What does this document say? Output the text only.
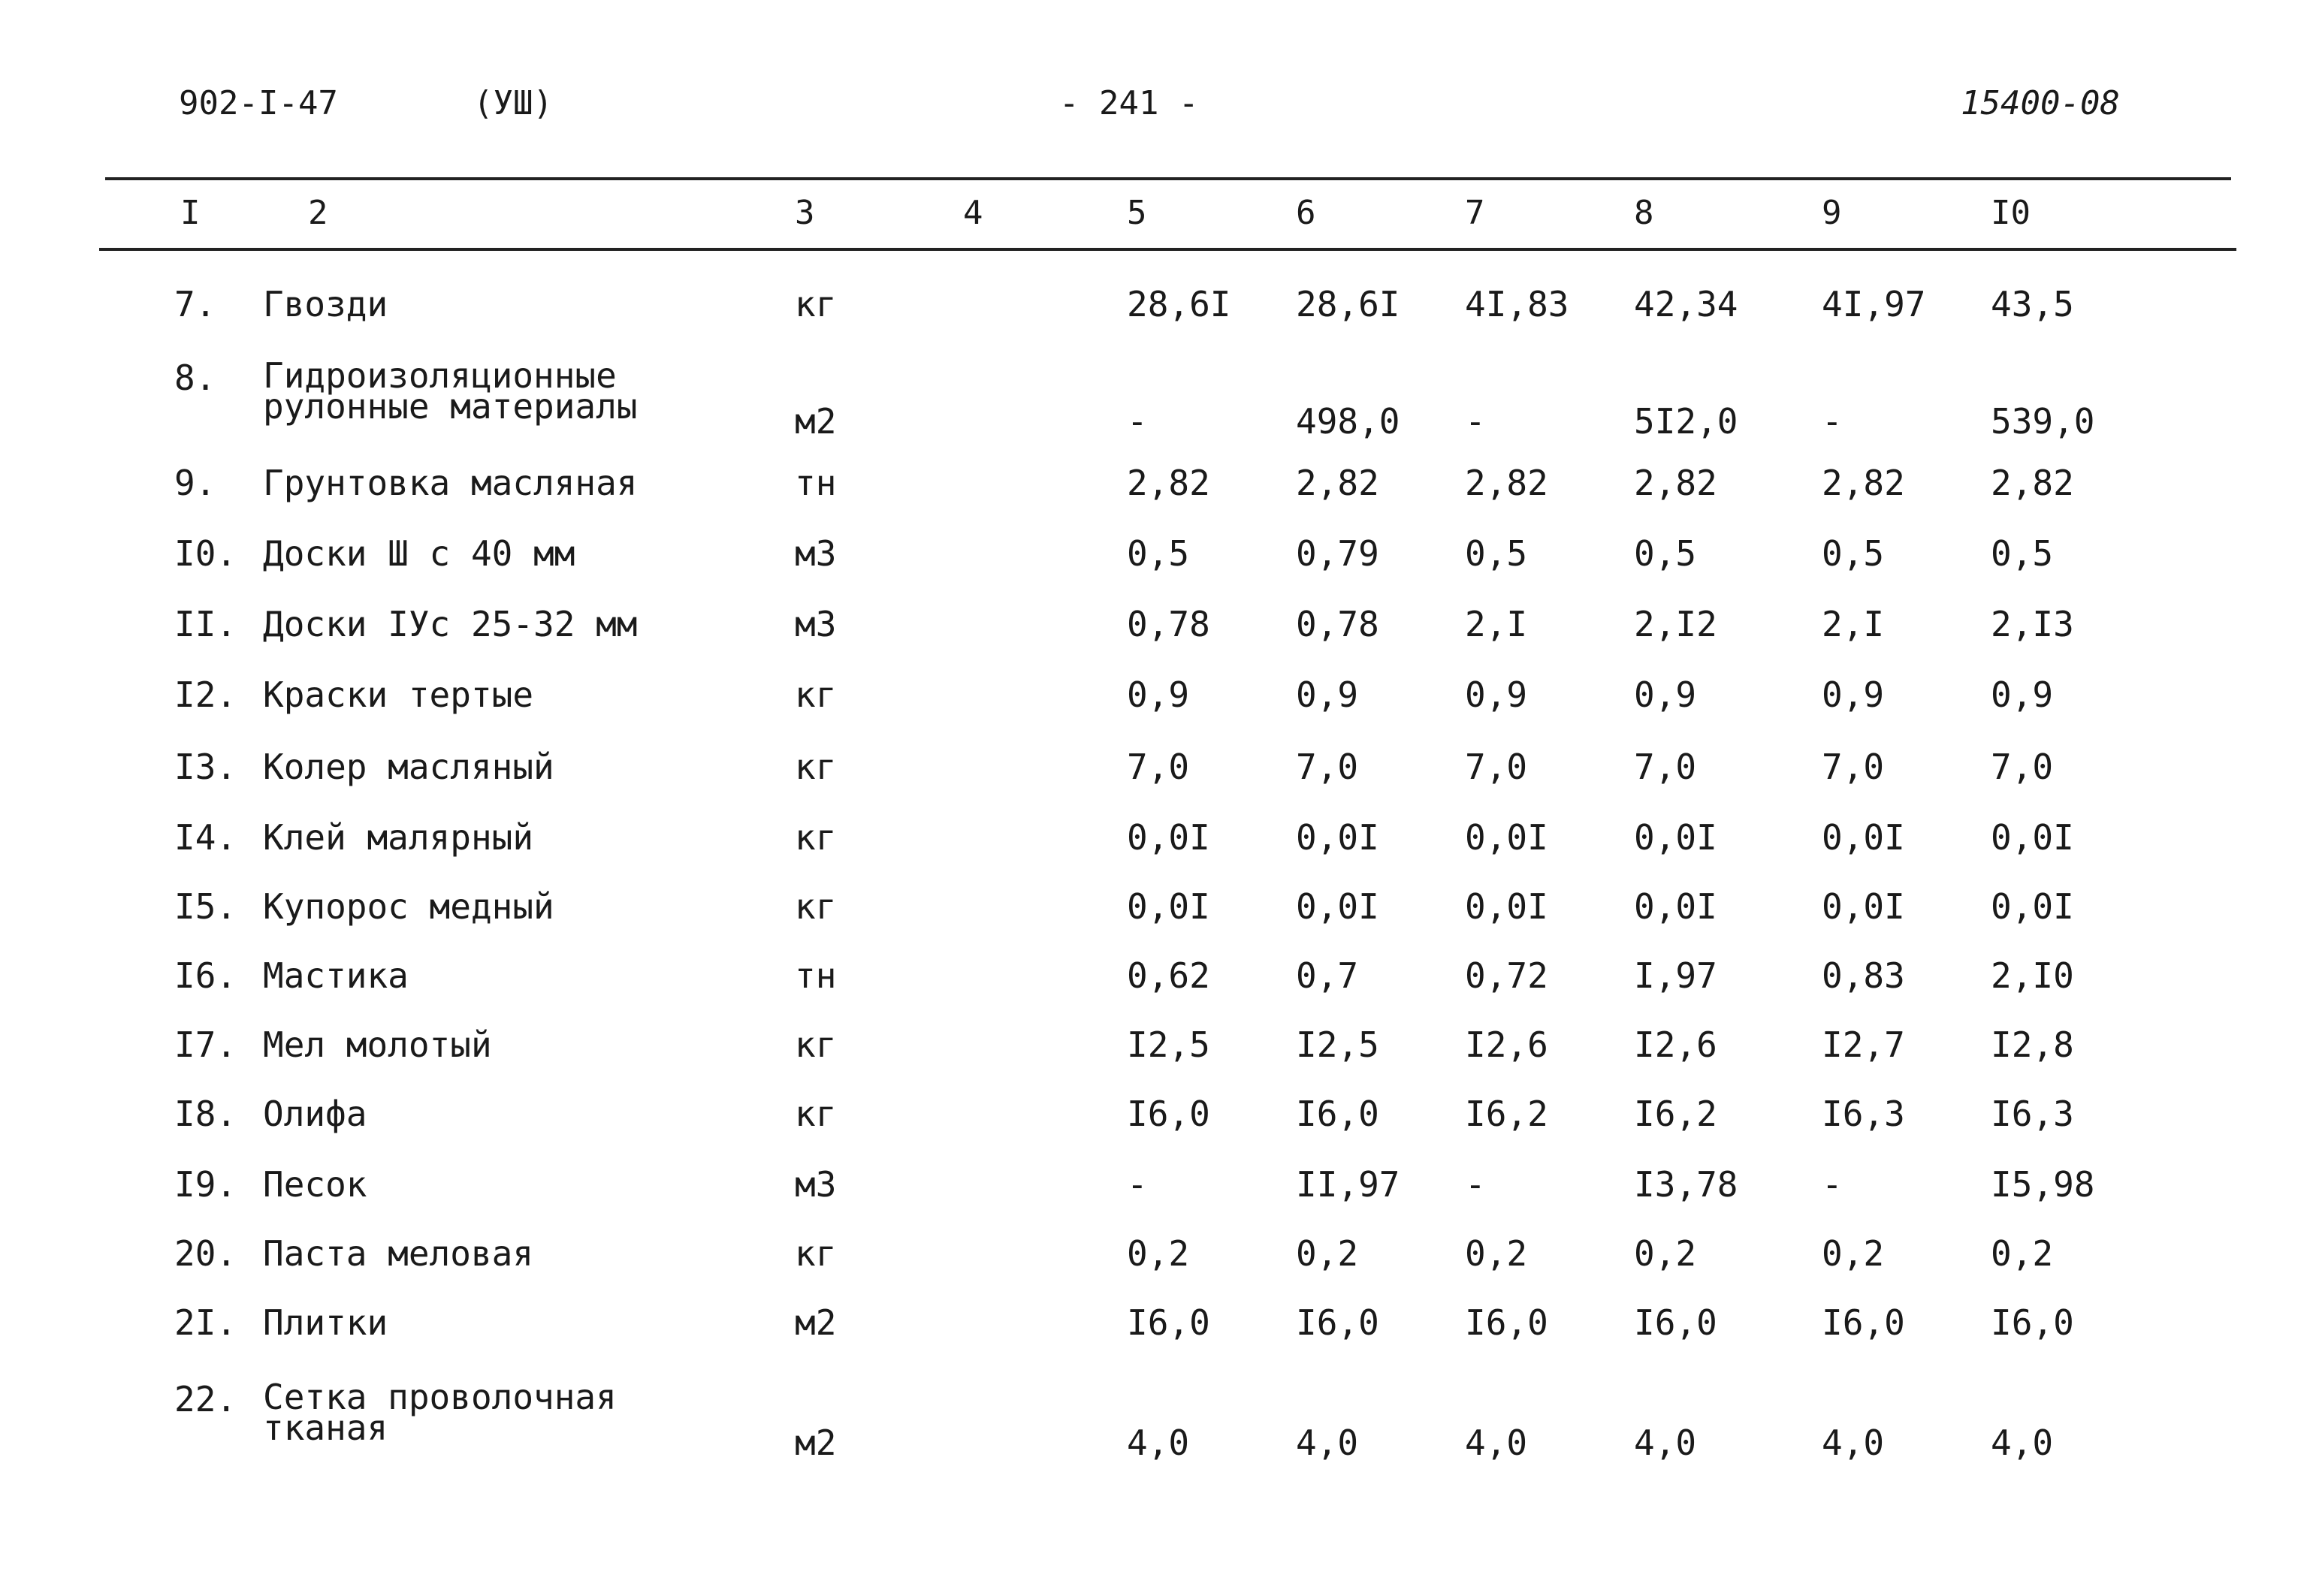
902-I-47	(УШ)	- 241 -	15400-08
I	2	3	4	5	6	7	8	9	I0
7. Гвозди	кг	28,6I 28,6I 4I,83 42,34 4I,97 43,5
8. Гидроизоляционные
рулонные материалы	м2	-	498,0 -	5I2,0 -	539,0
9. Грунтовка масляная	тн	2,82 2,82 2,82 2,82	2,82 2,82
I0. Доски Ш с 40 мм	м3	0,5	0,79 0,5	0,5	0,5	0,5
II. Доски IУс 25-32 мм	м3	0,78 0,78 2,I	2,I2	2,I	2,I3
I2. Краски тертые	кг	0,9	0,9	0,9	0,9	0,9	0,9
I3. Колер масляный	кг	7,0	7,0	7,0	7,0	7,0	7,0
I4. Клей малярный	кг	0,0I 0,0I 0,0I 0,0I	0,0I 0,0I
I5. Купорос медный	кг	0,0I 0,0I 0,0I 0,0I	0,0I 0,0I
I6. Мастика	тн	0,62 0,7	0,72 I,97	0,83 2,I0
I7. Мел молотый	кг	I2,5 I2,5 I2,6 I2,6	I2,7 I2,8
I8. Олифа	кг	I6,0 I6,0 I6,2 I6,2	I6,3 I6,3
I9. Песок	м3	-	II,97 -	I3,78 -	I5,98
20. Паста меловая	кг	0,2	0,2	0,2	0,2	0,2	0,2
2I. Плитки	м2	I6,0 I6,0 I6,0 I6,0	I6,0 I6,0
22. Сетка проволочная
тканая	м2	4,0	4,0	4,0	4,0	4,0	4,0
